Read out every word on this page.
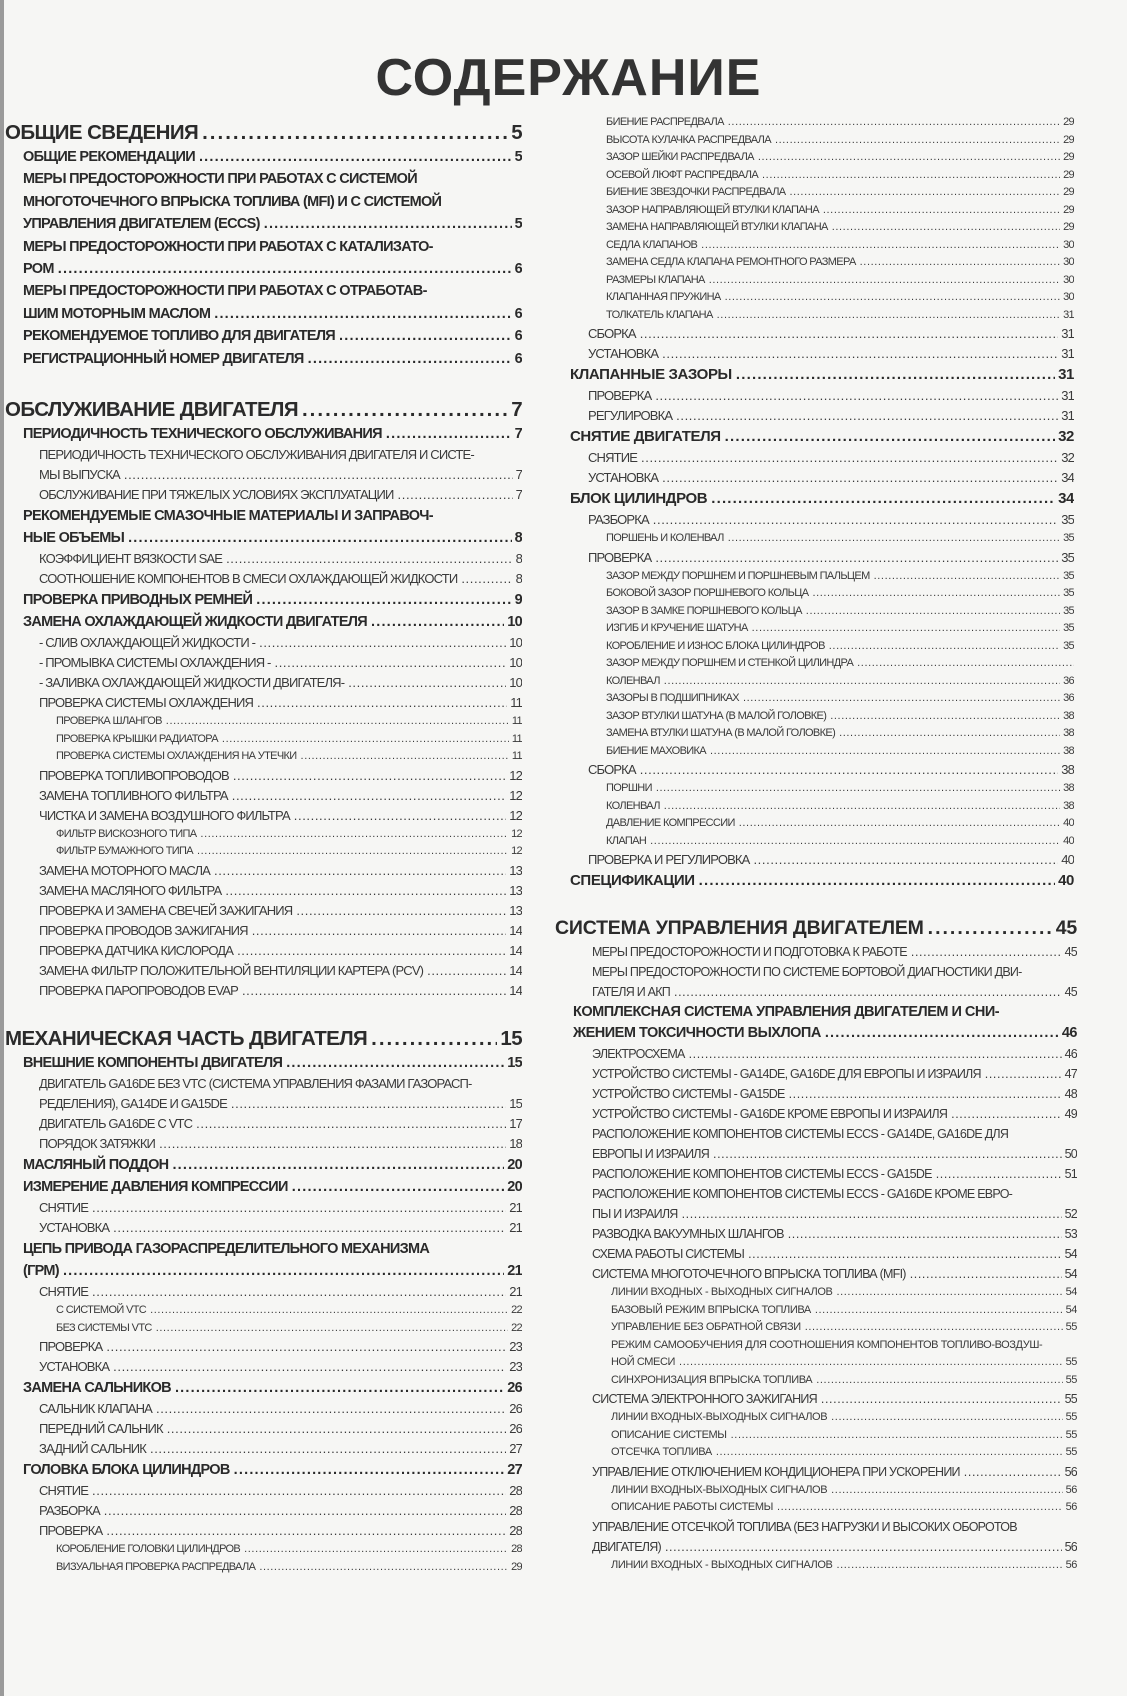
СОДЕРЖАНИЕ
ОБЩИЕ СВЕДЕНИЯ .....	5
ОБЩИЕ РЕКОМЕНДАЦИИ .....	5
МЕРЫ ПРЕДОСТОРОЖНОСТИ ПРИ РАБОТАХ С СИСТЕМОЙ
МНОГОТОЧЕЧНОГО ВПРЫСКА ТОПЛИВА (MFI) И С СИСТЕМОЙ
УПРАВЛЕНИЯ ДВИГАТЕЛЕМ (ECCS) .....	5
МЕРЫ ПРЕДОСТОРОЖНОСТИ ПРИ РАБОТАХ С КАТАЛИЗАТО-
РОМ .....	6
МЕРЫ ПРЕДОСТОРОЖНОСТИ ПРИ РАБОТАХ С ОТРАБОТАВ-
ШИМ МОТОРНЫМ МАСЛОМ .....	6
РЕКОМЕНДУЕМОЕ ТОПЛИВО ДЛЯ ДВИГАТЕЛЯ .....	6
РЕГИСТРАЦИОННЫЙ НОМЕР ДВИГАТЕЛЯ .....	6
ОБСЛУЖИВАНИЕ ДВИГАТЕЛЯ .....	7
ПЕРИОДИЧНОСТЬ ТЕХНИЧЕСКОГО ОБСЛУЖИВАНИЯ .....	7
ПЕРИОДИЧНОСТЬ ТЕХНИЧЕСКОГО ОБСЛУЖИВАНИЯ ДВИГАТЕЛЯ И СИСТЕ-
МЫ ВЫПУСКА .....	7
ОБСЛУЖИВАНИЕ ПРИ ТЯЖЕЛЫХ УСЛОВИЯХ ЭКСПЛУАТАЦИИ .....	7
РЕКОМЕНДУЕМЫЕ СМАЗОЧНЫЕ МАТЕРИАЛЫ И ЗАПРАВОЧ-
НЫЕ ОБЪЕМЫ .....	8
КОЭФФИЦИЕНТ ВЯЗКОСТИ SAE .....	8
СООТНОШЕНИЕ КОМПОНЕНТОВ В СМЕСИ ОХЛАЖДАЮЩЕЙ ЖИДКОСТИ .....	8
ПРОВЕРКА ПРИВОДНЫХ РЕМНЕЙ .....	9
ЗАМЕНА ОХЛАЖДАЮЩЕЙ ЖИДКОСТИ ДВИГАТЕЛЯ .....	10
- СЛИВ ОХЛАЖДАЮЩЕЙ ЖИДКОСТИ - .....	10
- ПРОМЫВКА СИСТЕМЫ ОХЛАЖДЕНИЯ - .....	10
- ЗАЛИВКА ОХЛАЖДАЮЩЕЙ ЖИДКОСТИ ДВИГАТЕЛЯ- .....	10
ПРОВЕРКА СИСТЕМЫ ОХЛАЖДЕНИЯ .....	11
ПРОВЕРКА ШЛАНГОВ .....	11
ПРОВЕРКА КРЫШКИ РАДИАТОРА .....	11
ПРОВЕРКА СИСТЕМЫ ОХЛАЖДЕНИЯ НА УТЕЧКИ .....	11
ПРОВЕРКА ТОПЛИВОПРОВОДОВ .....	12
ЗАМЕНА ТОПЛИВНОГО ФИЛЬТРА .....	12
ЧИСТКА И ЗАМЕНА ВОЗДУШНОГО ФИЛЬТРА .....	12
ФИЛЬТР ВИСКОЗНОГО ТИПА .....	12
ФИЛЬТР БУМАЖНОГО ТИПА .....	12
ЗАМЕНА МОТОРНОГО МАСЛА .....	13
ЗАМЕНА МАСЛЯНОГО ФИЛЬТРА .....	13
ПРОВЕРКА И ЗАМЕНА СВЕЧЕЙ ЗАЖИГАНИЯ .....	13
ПРОВЕРКА ПРОВОДОВ ЗАЖИГАНИЯ .....	14
ПРОВЕРКА ДАТЧИКА КИСЛОРОДА .....	14
ЗАМЕНА ФИЛЬТР ПОЛОЖИТЕЛЬНОЙ ВЕНТИЛЯЦИИ КАРТЕРА (PCV) .....	14
ПРОВЕРКА ПАРОПРОВОДОВ EVAP .....	14
МЕХАНИЧЕСКАЯ ЧАСТЬ ДВИГАТЕЛЯ .....	15
ВНЕШНИЕ КОМПОНЕНТЫ ДВИГАТЕЛЯ .....	15
ДВИГАТЕЛЬ GA16DE БЕЗ VTC (СИСТЕМА УПРАВЛЕНИЯ ФАЗАМИ ГАЗОРАСП-
РЕДЕЛЕНИЯ), GA14DE И GA15DE .....	15
ДВИГАТЕЛЬ GA16DE С VTC .....	17
ПОРЯДОК ЗАТЯЖКИ .....	18
МАСЛЯНЫЙ ПОДДОН .....	20
ИЗМЕРЕНИЕ ДАВЛЕНИЯ КОМПРЕССИИ .....	20
СНЯТИЕ .....	21
УСТАНОВКА .....	21
ЦЕПЬ ПРИВОДА ГАЗОРАСПРЕДЕЛИТЕЛЬНОГО МЕХАНИЗМА
(ГРМ) .....	21
СНЯТИЕ .....	21
С СИСТЕМОЙ VTC .....	22
БЕЗ СИСТЕМЫ VTC .....	22
ПРОВЕРКА .....	23
УСТАНОВКА .....	23
ЗАМЕНА САЛЬНИКОВ .....	26
САЛЬНИК КЛАПАНА .....	26
ПЕРЕДНИЙ САЛЬНИК .....	26
ЗАДНИЙ САЛЬНИК .....	27
ГОЛОВКА БЛОКА ЦИЛИНДРОВ .....	27
СНЯТИЕ .....	28
РАЗБОРКА .....	28
ПРОВЕРКА .....	28
КОРОБЛЕНИЕ ГОЛОВКИ ЦИЛИНДРОВ .....	28
ВИЗУАЛЬНАЯ ПРОВЕРКА РАСПРЕДВАЛА .....	29
БИЕНИЕ РАСПРЕДВАЛА .....	29
ВЫСОТА КУЛАЧКА РАСПРЕДВАЛА .....	29
ЗАЗОР ШЕЙКИ РАСПРЕДВАЛА .....	29
ОСЕВОЙ ЛЮФТ РАСПРЕДВАЛА .....	29
БИЕНИЕ ЗВЕЗДОЧКИ РАСПРЕДВАЛА .....	29
ЗАЗОР НАПРАВЛЯЮЩЕЙ ВТУЛКИ КЛАПАНА .....	29
ЗАМЕНА НАПРАВЛЯЮЩЕЙ ВТУЛКИ КЛАПАНА .....	29
СЕДЛА КЛАПАНОВ .....	30
ЗАМЕНА СЕДЛА КЛАПАНА РЕМОНТНОГО РАЗМЕРА .....	30
РАЗМЕРЫ КЛАПАНА .....	30
КЛАПАННАЯ ПРУЖИНА .....	30
ТОЛКАТЕЛЬ КЛАПАНА .....	31
СБОРКА .....	31
УСТАНОВКА .....	31
КЛАПАННЫЕ ЗАЗОРЫ .....	31
ПРОВЕРКА .....	31
РЕГУЛИРОВКА .....	31
СНЯТИЕ ДВИГАТЕЛЯ .....	32
СНЯТИЕ .....	32
УСТАНОВКА .....	34
БЛОК ЦИЛИНДРОВ .....	34
РАЗБОРКА .....	35
ПОРШЕНЬ И КОЛЕНВАЛ .....	35
ПРОВЕРКА .....	35
ЗАЗОР МЕЖДУ ПОРШНЕМ И ПОРШНЕВЫМ ПАЛЬЦЕМ .....	35
БОКОВОЙ ЗАЗОР ПОРШНЕВОГО КОЛЬЦА .....	35
ЗАЗОР В ЗАМКЕ ПОРШНЕВОГО КОЛЬЦА .....	35
ИЗГИБ И КРУЧЕНИЕ ШАТУНА .....	35
КОРОБЛЕНИЕ И ИЗНОС БЛОКА ЦИЛИНДРОВ .....	35
ЗАЗОР МЕЖДУ ПОРШНЕМ И СТЕНКОЙ ЦИЛИНДРА .....
КОЛЕНВАЛ .....	36
ЗАЗОРЫ В ПОДШИПНИКАХ .....	36
ЗАЗОР ВТУЛКИ ШАТУНА (В МАЛОЙ ГОЛОВКЕ) .....	38
ЗАМЕНА ВТУЛКИ ШАТУНА (В МАЛОЙ ГОЛОВКЕ) .....	38
БИЕНИЕ МАХОВИКА .....	38
СБОРКА .....	38
ПОРШНИ .....	38
КОЛЕНВАЛ .....	38
ДАВЛЕНИЕ КОМПРЕССИИ .....	40
КЛАПАН .....	40
ПРОВЕРКА И РЕГУЛИРОВКА .....	40
СПЕЦИФИКАЦИИ .....	40
СИСТЕМА УПРАВЛЕНИЯ ДВИГАТЕЛЕМ .....	45
МЕРЫ ПРЕДОСТОРОЖНОСТИ И ПОДГОТОВКА К РАБОТЕ .....	45
МЕРЫ ПРЕДОСТОРОЖНОСТИ ПО СИСТЕМЕ БОРТОВОЙ ДИАГНОСТИКИ ДВИ-
ГАТЕЛЯ И АКП .....	45
КОМПЛЕКСНАЯ СИСТЕМА УПРАВЛЕНИЯ ДВИГАТЕЛЕМ И СНИ-
ЖЕНИЕМ ТОКСИЧНОСТИ ВЫХЛОПА .....	46
ЭЛЕКТРОСХЕМА .....	46
УСТРОЙСТВО СИСТЕМЫ - GA14DE, GA16DE ДЛЯ ЕВРОПЫ И ИЗРАИЛЯ .....	47
УСТРОЙСТВО СИСТЕМЫ - GA15DE .....	48
УСТРОЙСТВО СИСТЕМЫ - GA16DE КРОМЕ ЕВРОПЫ И ИЗРАИЛЯ .....	49
РАСПОЛОЖЕНИЕ КОМПОНЕНТОВ СИСТЕМЫ ECCS - GA14DE, GA16DE ДЛЯ
ЕВРОПЫ И ИЗРАИЛЯ .....	50
РАСПОЛОЖЕНИЕ КОМПОНЕНТОВ СИСТЕМЫ ECCS - GA15DE .....	51
РАСПОЛОЖЕНИЕ КОМПОНЕНТОВ СИСТЕМЫ ECCS - GA16DE КРОМЕ ЕВРО-
ПЫ И ИЗРАИЛЯ .....	52
РАЗВОДКА ВАКУУМНЫХ ШЛАНГОВ .....	53
СХЕМА РАБОТЫ СИСТЕМЫ .....	54
СИСТЕМА МНОГОТОЧЕЧНОГО ВПРЫСКА ТОПЛИВА (MFI) .....	54
ЛИНИИ ВХОДНЫХ - ВЫХОДНЫХ СИГНАЛОВ .....	54
БАЗОВЫЙ РЕЖИМ ВПРЫСКА ТОПЛИВА .....	54
УПРАВЛЕНИЕ БЕЗ ОБРАТНОЙ СВЯЗИ .....	55
РЕЖИМ САМООБУЧЕНИЯ ДЛЯ СООТНОШЕНИЯ КОМПОНЕНТОВ ТОПЛИВО-ВОЗДУШ-
НОЙ СМЕСИ .....	55
СИНХРОНИЗАЦИЯ ВПРЫСКА ТОПЛИВА .....	55
СИСТЕМА ЭЛЕКТРОННОГО ЗАЖИГАНИЯ .....	55
ЛИНИИ ВХОДНЫХ-ВЫХОДНЫХ СИГНАЛОВ .....	55
ОПИСАНИЕ СИСТЕМЫ .....	55
ОТСЕЧКА ТОПЛИВА .....	55
УПРАВЛЕНИЕ ОТКЛЮЧЕНИЕМ КОНДИЦИОНЕРА ПРИ УСКОРЕНИИ .....	56
ЛИНИИ ВХОДНЫХ-ВЫХОДНЫХ СИГНАЛОВ .....	56
ОПИСАНИЕ РАБОТЫ СИСТЕМЫ .....	56
УПРАВЛЕНИЕ ОТСЕЧКОЙ ТОПЛИВА (БЕЗ НАГРУЗКИ И ВЫСОКИХ ОБОРОТОВ
ДВИГАТЕЛЯ) .....	56
ЛИНИИ ВХОДНЫХ - ВЫХОДНЫХ СИГНАЛОВ .....	56
